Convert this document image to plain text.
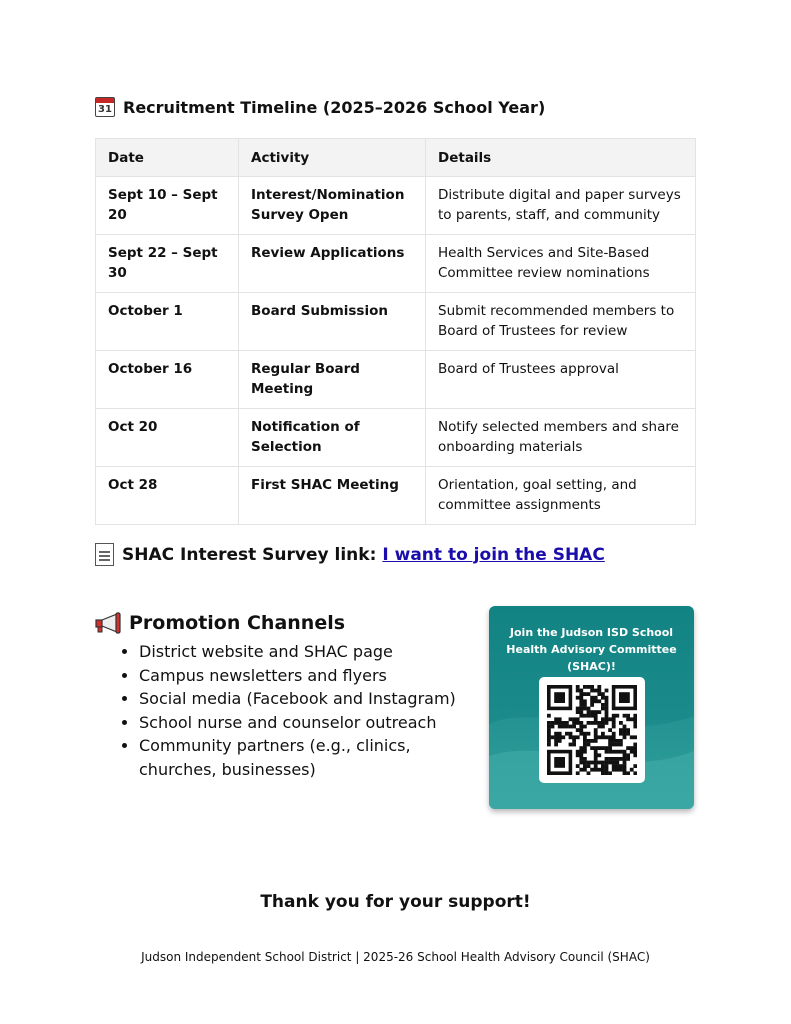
31 Recruitment Timeline (2025–2026 School Year)
Date	Activity	Details
Sept 10 – Sept 20	Interest/Nomination Survey Open	Distribute digital and paper surveys to parents, staff, and community
Sept 22 – Sept 30	Review Applications	Health Services and Site-Based Committee review nominations
October 1	Board Submission	Submit recommended members to Board of Trustees for review
October 16	Regular Board Meeting	Board of Trustees approval
Oct 20	Notification of Selection	Notify selected members and share onboarding materials
Oct 28	First SHAC Meeting	Orientation, goal setting, and committee assignments
SHAC Interest Survey link: I want to join the SHAC
Promotion Channels
• District website and SHAC page
• Campus newsletters and flyers
• Social media (Facebook and Instagram)
• School nurse and counselor outreach
• Community partners (e.g., clinics, churches, businesses)
Join the Judson ISD School Health Advisory Committee (SHAC)!
Thank you for your support!
Judson Independent School District | 2025-26 School Health Advisory Council (SHAC)
